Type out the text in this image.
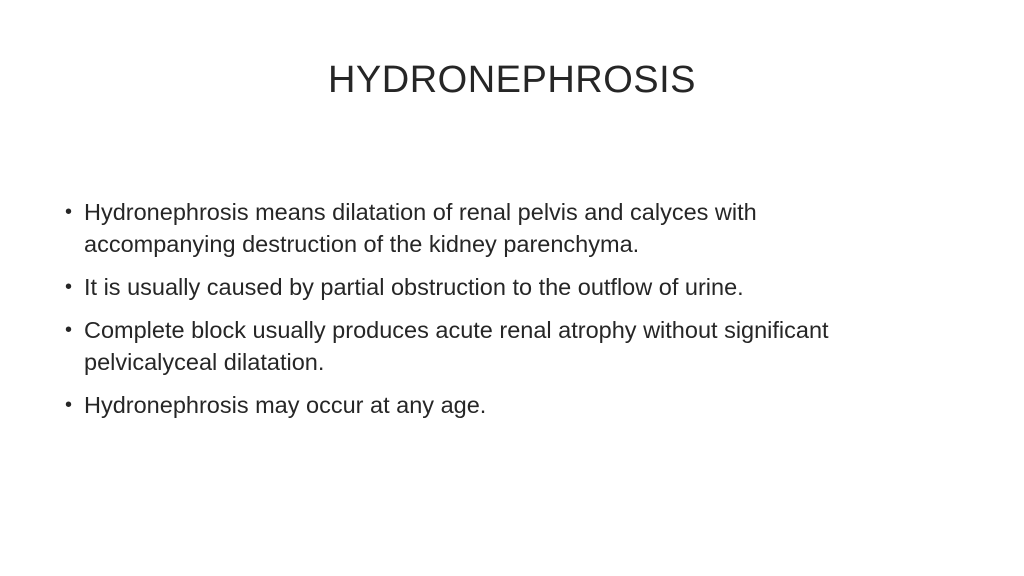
HYDRONEPHROSIS
• Hydronephrosis means dilatation of renal pelvis and calyces with accompanying destruction of the kidney parenchyma.
• It is usually caused by partial obstruction to the outflow of urine.
• Complete block usually produces acute renal atrophy without significant pelvicalyceal dilatation.
• Hydronephrosis may occur at any age.
